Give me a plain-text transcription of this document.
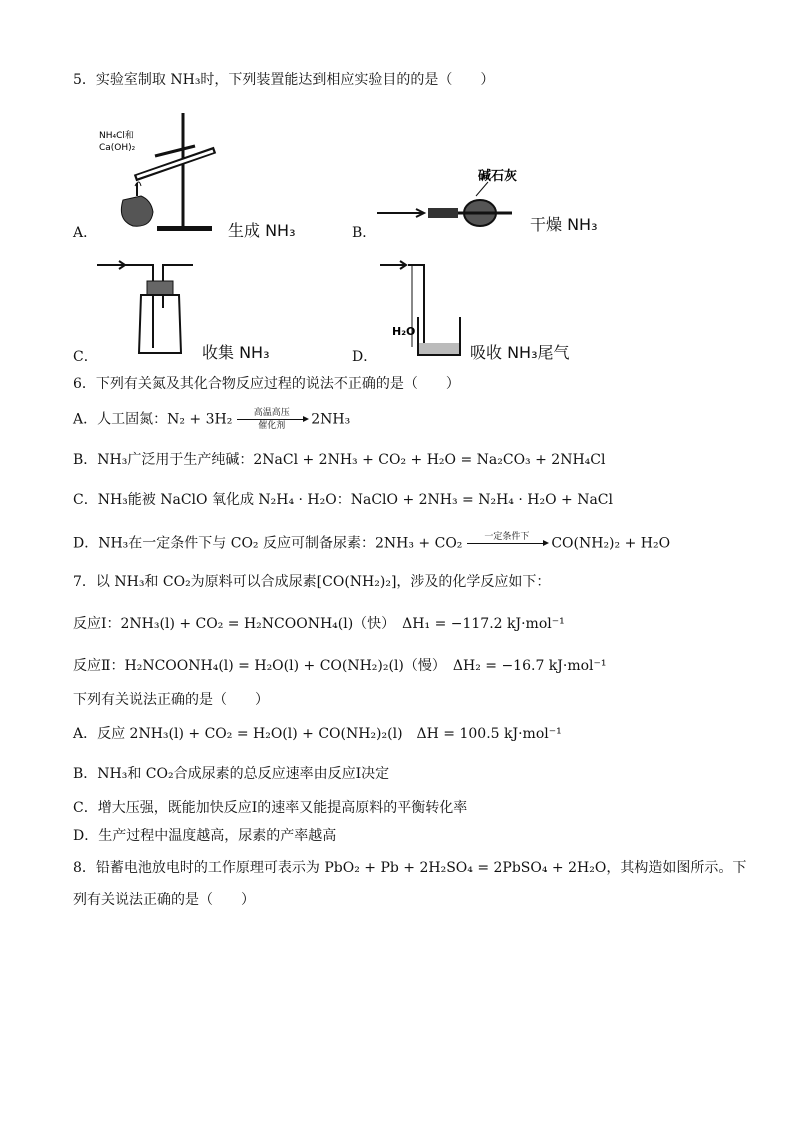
5．实验室制取 NH₃时，下列装置能达到相应实验目的的是（　　）
A．
NH₄Cl和
Ca(OH)₂
生成 NH₃	B．
碱石灰
干燥 NH₃
C．	收集 NH₃	D．
H₂O
吸收 NH₃尾气
6．下列有关氮及其化合物反应过程的说法不正确的是（　　）
A．人工固氮：N₂ + 3H₂	高温高压
催化剂	2NH₃
B．NH₃广泛用于生产纯碱：2NaCl + 2NH₃ + CO₂ + H₂O = Na₂CO₃ + 2NH₄Cl
C．NH₃能被 NaClO 氧化成 N₂H₄ · H₂O：NaClO + 2NH₃ = N₂H₄ · H₂O + NaCl
D．NH₃在一定条件下与 CO₂ 反应可制备尿素：2NH₃ + CO₂	一定条件下
	CO(NH₂)₂ + H₂O
7．以 NH₃和 CO₂为原料可以合成尿素[CO(NH₂)₂]，涉及的化学反应如下：
反应Ⅰ：2NH₃(l) + CO₂ = H₂NCOONH₄(l)（快）　ΔH₁ = −117.2 kJ·mol⁻¹
反应Ⅱ：H₂NCOONH₄(l) = H₂O(l) + CO(NH₂)₂(l)（慢）　ΔH₂ = −16.7 kJ·mol⁻¹
下列有关说法正确的是（　　）
A．反应 2NH₃(l) + CO₂ = H₂O(l) + CO(NH₂)₂(l)　ΔH = 100.5 kJ·mol⁻¹
B．NH₃和 CO₂合成尿素的总反应速率由反应Ⅰ决定
C．增大压强，既能加快反应Ⅰ的速率又能提高原料的平衡转化率
D．生产过程中温度越高，尿素的产率越高
8．铅蓄电池放电时的工作原理可表示为 PbO₂ + Pb + 2H₂SO₄ = 2PbSO₄ + 2H₂O，其构造如图所示。下
列有关说法正确的是（　　）
